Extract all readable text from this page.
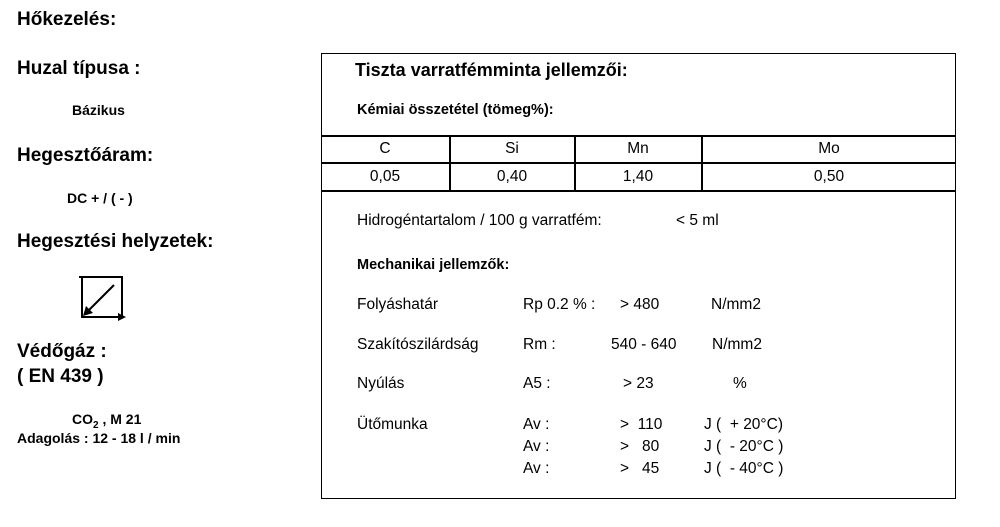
Hőkezelés:
Huzal típusa :
Bázikus
Hegesztőáram:
DC + / ( - )
Hegesztési helyzetek:
Védőgáz :
( EN 439 )
$CO_2$ , M 21
Adagolás : 12 - 18 l / min
Tiszta varratfémminta jellemzői:
Kémiai összetétel (tömeg%):
C	Si	Mn	Mo
0,05	0,40	1,40	0,50
Hidrogéntartalom / 100 g varratfém:	< 5 ml
Mechanikai jellemzők:
Folyáshatár	Rp 0.2 % : > 480	N/mm2
Szakítószilárdság	Rm :	540 - 640 N/mm2
Nyúlás	A5 :	> 23	%
Ütőmunka	Av :	>  110	J (  + 20°C)
Av :	>   80	J (  - 20°C )
Av :	>   45	J (  - 40°C )
